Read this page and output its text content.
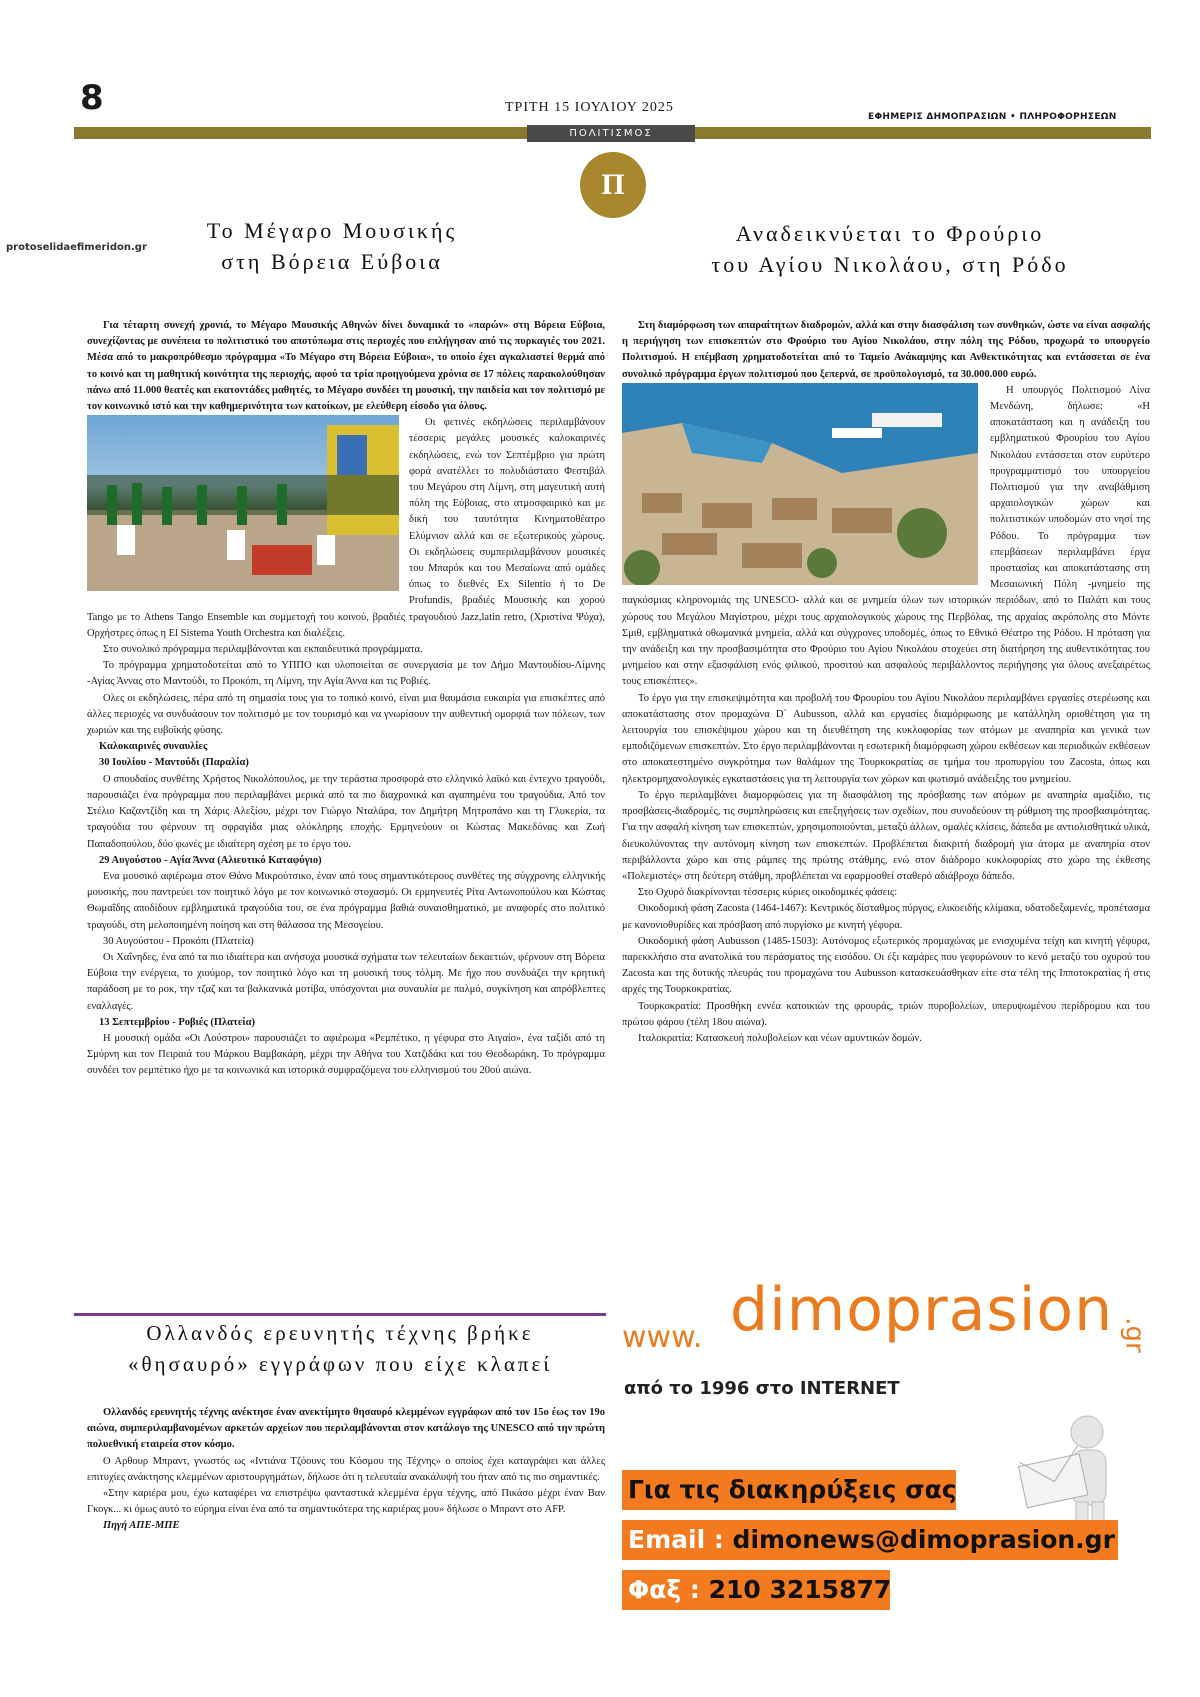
8	ΤΡΙΤΗ 15 ΙΟΥΛΙΟΥ 2025
ΕΦΗΜΕΡΙΣ ΔΗΜΟΠΡΑΣΙΩΝ • ΠΛΗΡΟΦΟΡΗΣΕΩΝ
ΠΟΛΙΤΙΣΜΟΣ
Π
protoselidaefimeridon.gr
Το Μέγαρο Μουσικής
στη Βόρεια Εύβοια

Για τέταρτη συνεχή χρονιά, το Μέγαρο Μουσικής Αθηνών δίνει δυναμικά το «παρών» στη Βόρεια Εύβοια, συνεχίζοντας με συνέπεια το πολιτιστικό του αποτύπωμα στις περιοχές που επλήγησαν από τις πυρκαγιές του 2021. Μέσα από το μακροπρόθεσμο πρόγραμμα «Το Μέγαρο στη Βόρεια Εύβοια», το οποίο έχει αγκαλιαστεί θερμά από το κοινό και τη μαθητική κοινότητα της περιοχής, αφού τα τρία προηγούμενα χρόνια σε 17 πόλεις παρακολούθησαν πάνω από 11.000 θεατές και εκατοντάδες μαθητές, το Μέγαρο συνδέει τη μουσική, την παιδεία και τον πολιτισμό με τον κοινωνικό ιστό και την καθημερινότητα των κατοίκων, με ελεύθερη είσοδο για όλους.

Οι φετινές εκδηλώσεις περιλαμβάνουν τέσσερις μεγάλες μουσικές καλοκαιρινές εκδηλώσεις, ενώ τον Σεπτέμβριο για πρώτη φορά ανατέλλει το πολυδιάστατο Φεστιβάλ του Μεγάρου στη Λίμνη, στη μαγευτική αυτή πόλη της Εύβοιας, στο ατμοσφαιρικό και με δική του ταυτότητα Κινηματοθέατρο Ελύμνιον αλλά και σε εξωτερικούς χώρους. Οι εκδηλώσεις συμπεριλαμβάνουν μουσικές του Μπαρόκ και του Μεσαίωνα από ομάδες όπως το διεθνές Ex Silentio ή το De Profundis, βραδιές Μουσικής και χορού Tango με το Athens Tango Ensemble και συμμετοχή του κοινού, βραδιές τραγουδιού Jazz,latin retro, (Χριστίνα Ψύχα), Ορχήστρες όπως η El Sistema Youth Orchestra και διαλέξεις.

Στο συνολικό πρόγραμμα περιλαμβάνονται και εκπαιδευτικά προγράμματα.

Το πρόγραμμα χρηματοδοτείται από το ΥΠΠΟ και υλοποιείται σε συνεργασία με τον Δήμο Μαντουδίου-Λίμνης -Αγίας Άννας στο Μαντούδι, το Προκόπι, τη Λίμνη, την Αγία Άννα και τις Ροβιές.

Ολες οι εκδηλώσεις, πέρα από τη σημασία τους για το τοπικό κοινό, είναι μια θαυμάσια ευκαιρία για επισκέπτες από άλλες περιοχές να συνδυάσουν τον πολιτισμό με τον τουρισμό και να γνωρίσουν την αυθεντική ομορφιά των πόλεων, των χωριών και της ευβοϊκής φύσης.

Καλοκαιρινές συναυλίες

30 Ιουλίου - Μαντούδι (Παραλία)

Ο σπουδαίος συνθέτης Χρήστος Νικολόπουλος, με την τεράστια προσφορά στο ελληνικό λαϊκό και έντεχνο τραγούδι, παρουσιάζει ένα πρόγραμμα που περιλαμβάνει μερικά από τα πιο διαχρονικά και αγαπημένα του τραγούδια. Από τον Στέλιο Καζαντζίδη και τη Χάρις Αλεξίου, μέχρι τον Γιώργο Νταλάρα, τον Δημήτρη Μητροπάνο και τη Γλυκερία, τα τραγούδια του φέρνουν τη σφραγίδα μιας ολόκληρης εποχής. Ερμηνεύουν οι Κώστας Μακεδόνας και Ζωή Παπαδοπούλου, δύο φωνές με ιδιαίτερη σχέση με το έργο του.

29 Αυγούστου - Αγία Άννα (Αλιευτικό Καταφύγιο)

Ενα μουσικό αφιέρωμα στον Θάνο Μικρούτσικο, έναν από τους σημαντικότερους συνθέτες της σύγχρονης ελληνικής μουσικής, που παντρεύει τον ποιητικό λόγο με τον κοινωνικό στοχασμό. Οι ερμηνευτές Ρίτα Αντωνοπούλου και Κώστας Θωμαΐδης αποδίδουν εμβληματικά τραγούδια του, σε ένα πρόγραμμα βαθιά συναισθηματικό, με αναφορές στο πολιτικό τραγούδι, στη μελοποιημένη ποίηση και στη θάλασσα της Μεσογείου.

30 Αυγούστου - Προκόπι (Πλατεία)

Οι Χαΐνηδες, ένα από τα πιο ιδιαίτερα και ανήσυχα μουσικά σχήματα των τελευταίων δεκαετιών, φέρνουν στη Βόρεια Εύβοια την ενέργεια, το χιούμορ, τον ποιητικό λόγο και τη μουσική τους τόλμη. Με ήχο που συνδυάζει την κρητική παράδοση με το ροκ, την τζαζ και τα βαλκανικά μοτίβα, υπόσχονται μια συναυλία με παλμό, συγκίνηση και απρόβλεπτες εναλλαγές.

13 Σεπτεμβρίου - Ροβιές (Πλατεία)

Η μουσική ομάδα «Οι Λούστροι» παρουσιάζει το αφιέρωμα «Ρεμπέτικο, η γέφυρα στο Αιγαίο», ένα ταξίδι από τη Σμύρνη και τον Πειραιά του Μάρκου Βαμβακάρη, μέχρι την Αθήνα του Χατζιδάκι και του Θεοδωράκη. Το πρόγραμμα συνδέει τον ρεμπέτικο ήχο με τα κοινωνικά και ιστορικά συμφραζόμενα του ελληνισμού του 20ού αιώνα.

Ολλανδός ερευνητής τέχνης βρήκε
«θησαυρό» εγγράφων που είχε κλαπεί

Ολλανδός ερευνητής τέχνης ανέκτησε έναν ανεκτίμητο θησαυρό κλεμμένων εγγράφων από τον 15ο έως τον 19ο αιώνα, συμπεριλαμβανομένων αρκετών αρχείων που περιλαμβάνονται στον κατάλογο της UNESCO από την πρώτη πολυεθνική εταιρεία στον κόσμο.

Ο Αρθουρ Μπραντ, γνωστός ως «Ιντιάνα Τζόουνς του Κόσμου της Τέχνης» ο οποίος έχει καταγράψει και άλλες επιτυχίες ανάκτησης κλεμμένων αριστουργημάτων, δήλωσε ότι η τελευταία ανακάλυψή του ήταν από τις πιο σημαντικές.

«Στην καριέρα μου, έχω καταφέρει να επιστρέψω φανταστικά κλεμμένα έργα τέχνης, από Πικάσο μέχρι έναν Βαν Γκογκ... κι όμως αυτό το εύρημα είναι ένα από τα σημαντικότερα της καριέρας μου» δήλωσε ο Μπραντ στο AFP.

Πηγή ΑΠΕ-ΜΠΕ

Αναδεικνύεται το Φρούριο
του Αγίου Νικολάου, στη Ρόδο

Στη διαμόρφωση των απαραίτητων διαδρομών, αλλά και στην διασφάλιση των συνθηκών, ώστε να είναι ασφαλής η περιήγηση των επισκεπτών στο Φρούριο του Αγίου Νικολάου, στην πόλη της Ρόδου, προχωρά το υπουργείο Πολιτισμού. Η επέμβαση χρηματοδοτείται από το Ταμείο Ανάκαμψης και Ανθεκτικότητας και εντάσσεται σε ένα συνολικό πρόγραμμα έργων πολιτισμού που ξεπερνά, σε προϋπολογισμό, τα 30.000.000 ευρώ.

Η υπουργός Πολιτισμού Λίνα Μενδώνη, δήλωσε: «Η αποκατάσταση και η ανάδειξη του εμβληματικού Φρουρίου του Αγίου Νικολάου εντάσσεται στον ευρύτερο προγραμματισμό του υπουργείου Πολιτισμού για την αναβάθμιση αρχαιολογικών χώρων και πολιτιστικών υποδομών στο νησί της Ρόδου. Το πρόγραμμα των επεμβάσεων περιλαμβάνει έργα προστασίας και αποκατάστασης στη Μεσαιωνική Πόλη -μνημείο της παγκόσμιας κληρονομιάς της UNESCO- αλλά και σε μνημεία όλων των ιστορικών περιόδων, από το Παλάτι και τους χώρους του Μεγάλου Μαγίστρου, μέχρι τους αρχαιολογικούς χώρους της Περβόλας, της αρχαίας ακρόπολης στο Μόντε Σμιθ, εμβληματικά οθωμανικά μνημεία, αλλά και σύγχρονες υποδομές, όπως το Εθνικό Θέατρο της Ρόδου. Η πρόταση για την ανάδειξη και την προσβασιμότητα στο Φρούριο του Αγίου Νικολάου στοχεύει στη διατήρηση της αυθεντικότητας του μνημείου και στην εξασφάλιση ενός φιλικού, προσιτού και ασφαλούς περιβάλλοντος περιήγησης για όλους ανεξαιρέτως τους επισκέπτες».

Το έργο για την επισκεψιμότητα και προβολή του Φρουρίου του Αγίου Νικολάου περιλαμβάνει εργασίες στερέωσης και αποκατάστασης στον προμαχώνα D΄ Aubusson, αλλά και εργασίες διαμόρφωσης με κατάλληλη οριοθέτηση για τη λειτουργία του επισκέψιμου χώρου και τη διευθέτηση της κυκλοφορίας των ατόμων με αναπηρία και γενικά των εμποδιζόμενων επισκεπτών. Στο έργο περιλαμβάνονται η εσωτερική διαμόρφωση χώρου εκθέσεων και περιοδικών εκθέσεων στο αποκατεστημένο συγκρότημα των θαλάμων της Τουρκοκρατίας σε τμήμα του προπυργίου του Zacosta, όπως και ηλεκτρομηχανολογικές εγκαταστάσεις για τη λειτουργία των χώρων και φωτισμό ανάδειξης του μνημείου.

Το έργο περιλαμβάνει διαμορφώσεις για τη διασφάλιση της πρόσβασης των ατόμων με αναπηρία αμαξίδιο, τις προσβάσεις-διαδρομές, τις συμπληρώσεις και επεξηγήσεις των σχεδίων, που συνοδεύουν τη ρύθμιση της προσβασιμότητας. Για την ασφαλή κίνηση των επισκεπτών, χρησιμοποιούνται, μεταξύ άλλων, ομαλές κλίσεις, δάπεδα με αντιολισθητικά υλικά, διευκολύνοντας την αυτόνομη κίνηση των επισκεπτών. Προβλέπεται διακριτή διαδρομή για άτομα με αναπηρία στον περιβάλλοντα χώρο και στις ράμπες της πρώτης στάθμης, ενώ στον διάδρομο κυκλοφορίας στο χώρο της έκθεσης «Πολεμιστές» στη δεύτερη στάθμη, προβλέπεται να εφαρμοσθεί σταθερό αδιάβροχο δάπεδο.

Στο Οχυρό διακρίνονται τέσσερις κύριες οικοδομικές φάσεις:

Οικοδομική φάση Zacosta (1464-1467): Κεντρικός δίσταθμος πύργος, ελικοειδής κλίμακα, υδατοδεξαμενές, προπέτασμα με κανονιοθυρίδες και πρόσβαση από πυργίσκο με κινητή γέφυρα.

Οικοδομική φάση Aubusson (1485-1503): Αυτόνομος εξωτερικός προμαχώνας με ενισχυμένα τείχη και κινητή γέφυρα, παρεκκλήσιο στα ανατολικά του περάσματος της εισόδου. Οι έξι καμάρες που γεφυρώνουν το κενό μεταξύ του οχυρού του Zacosta και της δυτικής πλευράς του προμαχώνα του Aubusson κατασκευάσθηκαν είτε στα τέλη της Ιπποτοκρατίας ή στις αρχές της Τουρκοκρατίας.

Τουρκοκρατία: Προσθήκη εννέα κατοικιών της φρουράς, τριών πυροβολείων, υπερυψωμένου περίδρομου και του πρώτου φάρου (τέλη 18ου αιώνα).

Ιταλοκρατία: Κατασκευή πολυβολείων και νέων αμυντικών δομών.

www. dimoprasion .gr
από το 1996 στο INTERNET
Για τις διακηρύξεις σας
Email : dimonews@dimoprasion.gr
Φαξ : 210 3215877
